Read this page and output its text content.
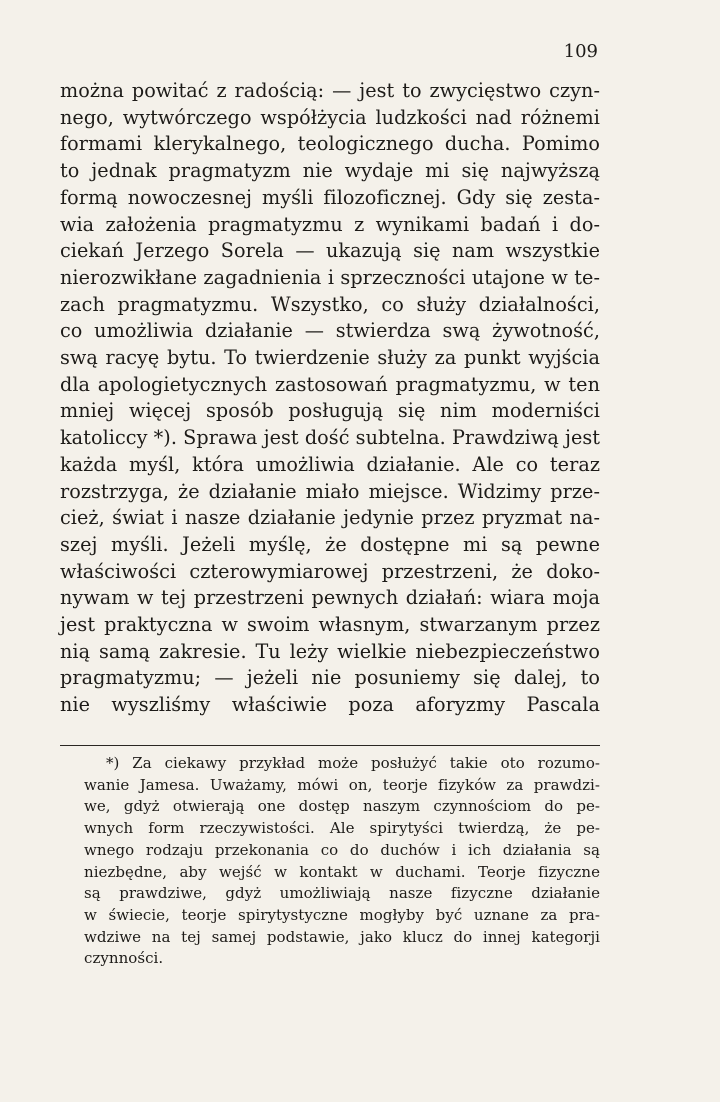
109
można powitać z radością: — jest to zwycięstwo czyn-
nego, wytwórczego współżycia ludzkości nad różnemi
formami klerykalnego, teologicznego ducha. Pomimo
to jednak pragmatyzm nie wydaje mi się najwyższą
formą nowoczesnej myśli filozoficznej. Gdy się zesta-
wia założenia pragmatyzmu z wynikami badań i do-
ciekań Jerzego Sorela — ukazują się nam wszystkie
nierozwikłane zagadnienia i sprzeczności utajone w te-
zach pragmatyzmu. Wszystko, co służy działalności,
co umożliwia działanie — stwierdza swą żywotność,
swą racyę bytu. To twierdzenie służy za punkt wyjścia
dla apologietycznych zastosowań pragmatyzmu, w ten
mniej więcej sposób posługują się nim moderniści
katoliccy *). Sprawa jest dość subtelna. Prawdziwą jest
każda myśl, która umożliwia działanie. Ale co teraz
rozstrzyga, że działanie miało miejsce. Widzimy prze-
cież, świat i nasze działanie jedynie przez pryzmat na-
szej myśli. Jeżeli myślę, że dostępne mi są pewne
właściwości czterowymiarowej przestrzeni, że doko-
nywam w tej przestrzeni pewnych działań: wiara moja
jest praktyczna w swoim własnym, stwarzanym przez
nią samą zakresie. Tu leży wielkie niebezpieczeństwo
pragmatyzmu; — jeżeli nie posuniemy się dalej, to
nie wyszliśmy właściwie poza aforyzmy Pascala
*) Za ciekawy przykład może posłużyć takie oto rozumo-
wanie Jamesa. Uważamy, mówi on, teorje fizyków za prawdzi-
we, gdyż otwierają one dostęp naszym czynnościom do pe-
wnych form rzeczywistości. Ale spirytyści twierdzą, że pe-
wnego rodzaju przekonania co do duchów i ich działania są
niezbędne, aby wejść w kontakt w duchami. Teorje fizyczne
są prawdziwe, gdyż umożliwiają nasze fizyczne działanie
w świecie, teorje spirytystyczne mogłyby być uznane za pra-
wdziwe na tej samej podstawie, jako klucz do innej kategorji
czynności.
